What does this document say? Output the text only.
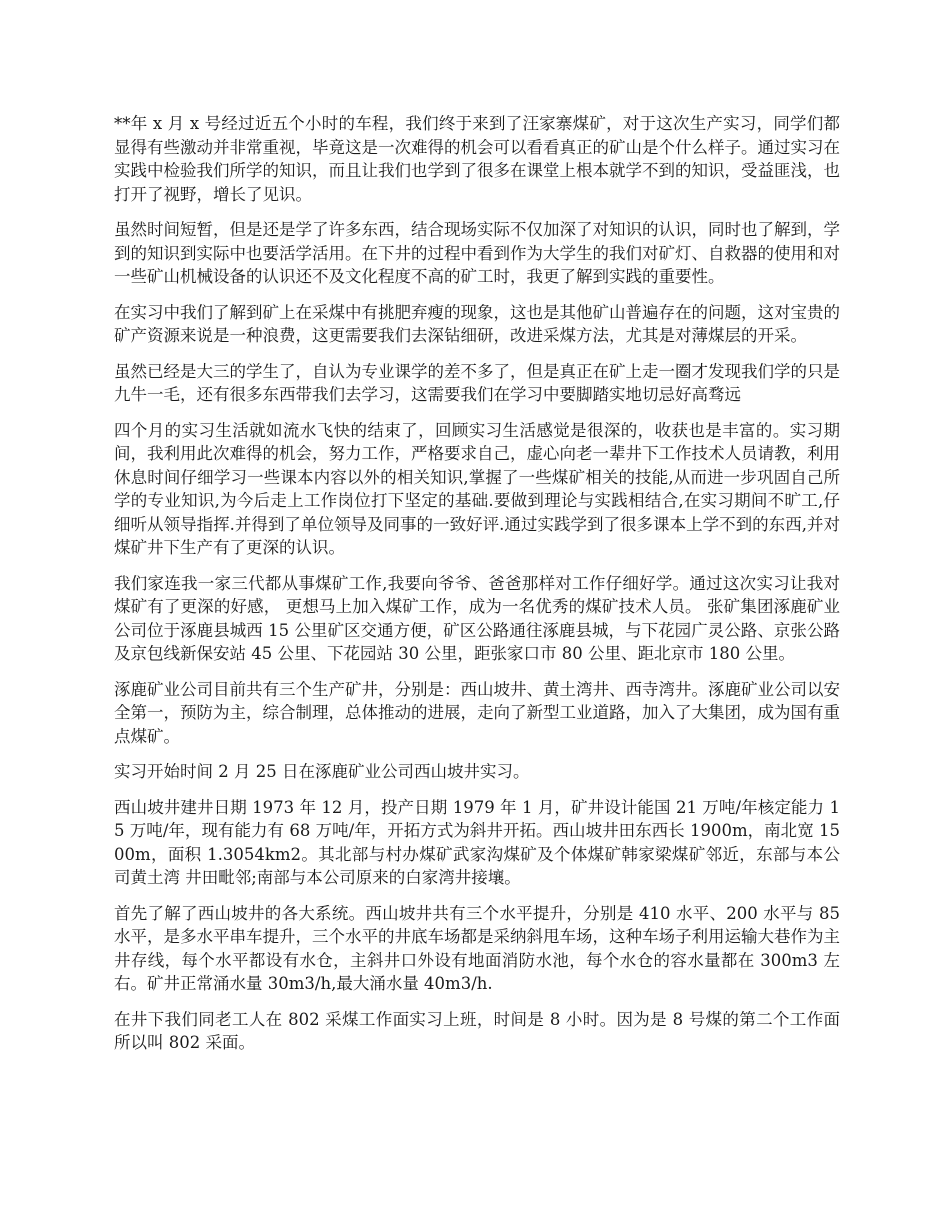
**年 x 月 x 号经过近五个小时的车程，我们终于来到了汪家寨煤矿，对于这次生产实习，同学们都显得有些激动并非常重视，毕竟这是一次难得的机会可以看看真正的矿山是个什么样子。通过实习在实践中检验我们所学的知识，而且让我们也学到了很多在课堂上根本就学不到的知识，受益匪浅，也打开了视野，增长了见识。

虽然时间短暂，但是还是学了许多东西，结合现场实际不仅加深了对知识的认识，同时也了解到，学到的知识到实际中也要活学活用。在下井的过程中看到作为大学生的我们对矿灯、自救器的使用和对一些矿山机械设备的认识还不及文化程度不高的矿工时，我更了解到实践的重要性。

在实习中我们了解到矿上在采煤中有挑肥弃瘦的现象，这也是其他矿山普遍存在的问题，这对宝贵的矿产资源来说是一种浪费，这更需要我们去深钻细研，改进采煤方法，尤其是对薄煤层的开采。

虽然已经是大三的学生了，自认为专业课学的差不多了，但是真正在矿上走一圈才发现我们学的只是九牛一毛，还有很多东西带我们去学习，这需要我们在学习中要脚踏实地切忌好高骛远

四个月的实习生活就如流水飞快的结束了，回顾实习生活感觉是很深的，收获也是丰富的。实习期间，我利用此次难得的机会，努力工作，严格要求自己，虚心向老一辈井下工作技术人员请教，利用休息时间仔细学习一些课本内容以外的相关知识,掌握了一些煤矿相关的技能,从而进一步巩固自己所学的专业知识,为今后走上工作岗位打下坚定的基础.要做到理论与实践相结合,在实习期间不旷工,仔细听从领导指挥.并得到了单位领导及同事的一致好评.通过实践学到了很多课本上学不到的东西,并对煤矿井下生产有了更深的认识。

我们家连我一家三代都从事煤矿工作,我要向爷爷、爸爸那样对工作仔细好学。通过这次实习让我对煤矿有了更深的好感， 更想马上加入煤矿工作，成为一名优秀的煤矿技术人员。 张矿集团涿鹿矿业公司位于涿鹿县城西 15 公里矿区交通方便，矿区公路通往涿鹿县城，与下花园广灵公路、京张公路及京包线新保安站 45 公里、下花园站 30 公里，距张家口市 80 公里、距北京市 180 公里。

涿鹿矿业公司目前共有三个生产矿井，分别是：西山坡井、黄土湾井、西寺湾井。涿鹿矿业公司以安全第一，预防为主，综合制理，总体推动的进展，走向了新型工业道路，加入了大集团，成为国有重点煤矿。

实习开始时间 2 月 25 日在涿鹿矿业公司西山坡井实习。

西山坡井建井日期 1973 年 12 月，投产日期 1979 年 1 月，矿井设计能国 21 万吨/年核定能力 15 万吨/年，现有能力有 68 万吨/年，开拓方式为斜井开拓。西山坡井田东西长 1900m，南北宽 1500m，面积 1.3054km2。其北部与村办煤矿武家沟煤矿及个体煤矿韩家梁煤矿邻近，东部与本公司黄土湾 井田毗邻;南部与本公司原来的白家湾井接壤。

首先了解了西山坡井的各大系统。西山坡井共有三个水平提升，分别是 410 水平、200 水平与 85 水平，是多水平串车提升，三个水平的井底车场都是采纳斜甩车场，这种车场子利用运输大巷作为主井存线，每个水平都设有水仓，主斜井口外设有地面消防水池，每个水仓的容水量都在 300m3 左右。矿井正常涌水量 30m3/h,最大涌水量 40m3/h.

在井下我们同老工人在 802 采煤工作面实习上班，时间是 8 小时。因为是 8 号煤的第二个工作面所以叫 802 采面。
